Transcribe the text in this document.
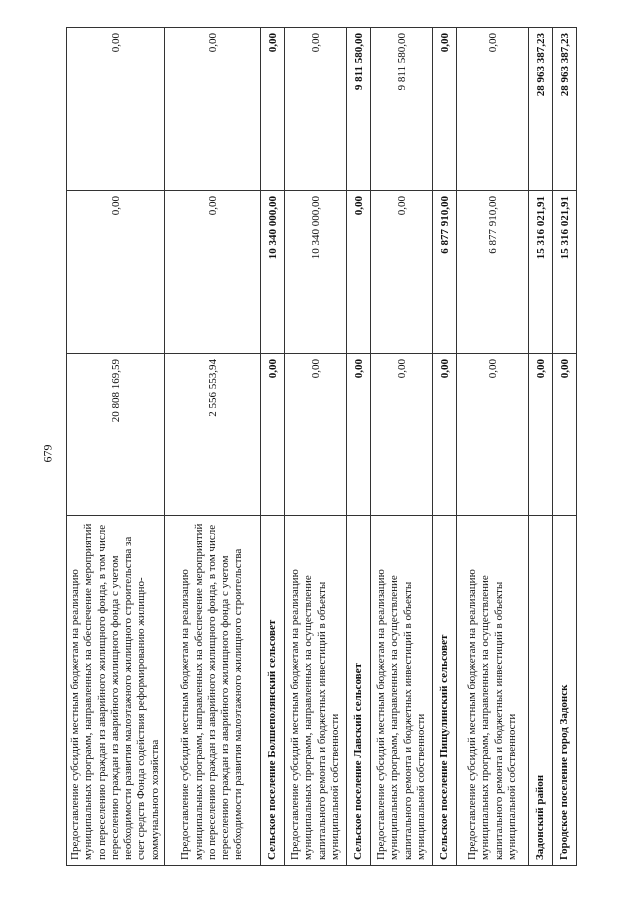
679
Предоставление субсидий местным бюджетам на реализацию муниципальных программ, направленных на обеспечение мероприятий по переселению граждан из аварийного жилищного фонда, в том числе переселению граждан из аварийного жилищного фонда с учетом необходимости развития малоэтажного жилищного строительства за счет средств Фонда содействия реформированию жилищно-коммунального хозяйства	20 808 169,59	0,00	0,00
Предоставление субсидий местным бюджетам на реализацию муниципальных программ, направленных на обеспечение мероприятий по переселению граждан из аварийного жилищного фонда, в том числе переселению граждан из аварийного жилищного фонда с учетом необходимости развития малоэтажного жилищного строительства	2 556 553,94	0,00	0,00
Сельское поселение Болшеполянский сельсовет	0,00	10 340 000,00	0,00
Предоставление субсидий местным бюджетам на реализацию муниципальных программ, направленных на осуществление капитального ремонта и бюджетных инвестиций в объекты муниципальной собственности	0,00	10 340 000,00	0,00
Сельское поселение Лавский сельсовет	0,00	0,00	9 811 580,00
Предоставление субсидий местным бюджетам на реализацию муниципальных программ, направленных на осуществление капитального ремонта и бюджетных инвестиций в объекты муниципальной собственности	0,00	0,00	9 811 580,00
Сельское поселение Пищулинский сельсовет	0,00	6 877 910,00	0,00
Предоставление субсидий местным бюджетам на реализацию муниципальных программ, направленных на осуществление капитального ремонта и бюджетных инвестиций в объекты муниципальной собственности	0,00	6 877 910,00	0,00
Задонский район	0,00	15 316 021,91	28 963 387,23
Городское поселение город Задонск	0,00	15 316 021,91	28 963 387,23
